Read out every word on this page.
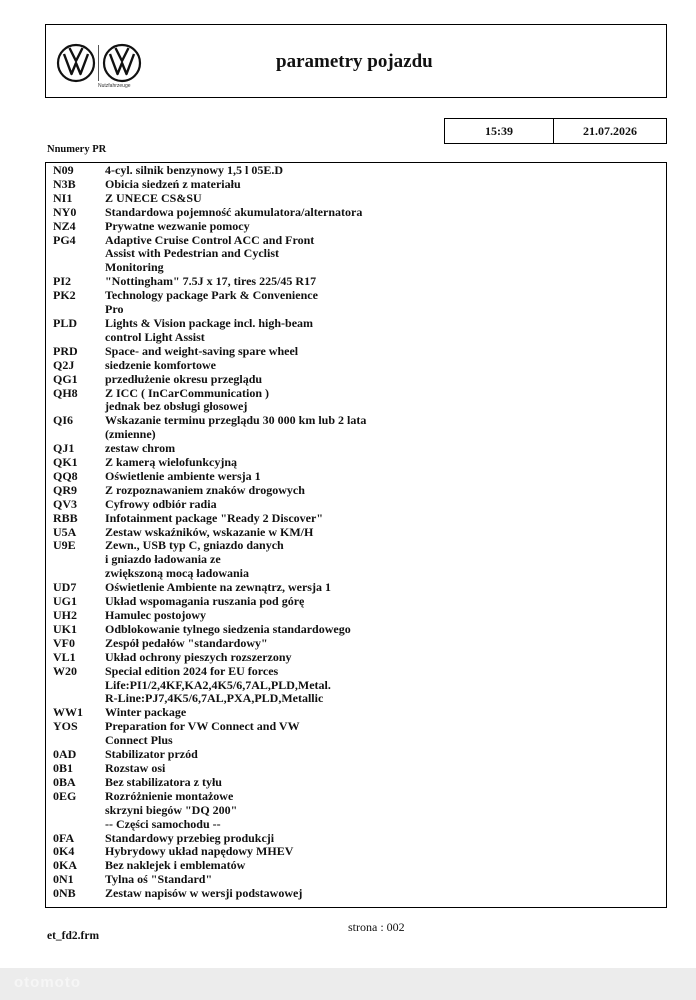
Nutzfahrzeuge
parametry pojazdu
15:39	21.07.2026
Nnumery PR
N09	4-cyl. silnik benzynowy 1,5 l 05E.D
N3B	Obicia siedzeń z materiału
NI1	Z UNECE CS&SU
NY0	Standardowa pojemność akumulatora/alternatora
NZ4	Prywatne wezwanie pomocy
PG4	Adaptive Cruise Control ACC and Front
Assist with Pedestrian and Cyclist
Monitoring
PI2	"Nottingham" 7.5J x 17, tires 225/45 R17
PK2	Technology package Park & Convenience
Pro
PLD	Lights & Vision package incl. high-beam
control Light Assist
PRD	Space- and weight-saving spare wheel
Q2J	siedzenie komfortowe
QG1	przedłużenie okresu przeglądu
QH8	Z ICC ( InCarCommunication )
jednak bez obsługi głosowej
QI6	Wskazanie terminu przeglądu 30 000 km lub 2 lata
(zmienne)
QJ1	zestaw chrom
QK1	Z kamerą wielofunkcyjną
QQ8	Oświetlenie ambiente wersja 1
QR9	Z rozpoznawaniem znaków drogowych
QV3	Cyfrowy odbiór radia
RBB	Infotainment package "Ready 2 Discover"
U5A	Zestaw wskaźników, wskazanie w KM/H
U9E	Zewn., USB typ C, gniazdo danych
i gniazdo ładowania ze
zwiększoną mocą ładowania
UD7	Oświetlenie Ambiente na zewnątrz, wersja 1
UG1	Układ wspomagania ruszania pod górę
UH2	Hamulec postojowy
UK1	Odblokowanie tylnego siedzenia standardowego
VF0	Zespół pedałów "standardowy"
VL1	Układ ochrony pieszych rozszerzony
W20	Special edition 2024 for EU forces
Life:PI1/2,4KF,KA2,4K5/6,7AL,PLD,Metal.
R-Line:PJ7,4K5/6,7AL,PXA,PLD,Metallic
WW1	Winter package
YOS	Preparation for VW Connect and VW
Connect Plus
0AD	Stabilizator przód
0B1	Rozstaw osi
0BA	Bez stabilizatora z tyłu
0EG	Rozróżnienie montażowe
skrzyni biegów "DQ 200"
-- Części samochodu --
0FA	Standardowy przebieg produkcji
0K4	Hybrydowy układ napędowy MHEV
0KA	Bez naklejek i emblematów
0N1	Tylna oś "Standard"
0NB	Zestaw napisów w wersji podstawowej
strona : 002
et_fd2.frm
otomoto
